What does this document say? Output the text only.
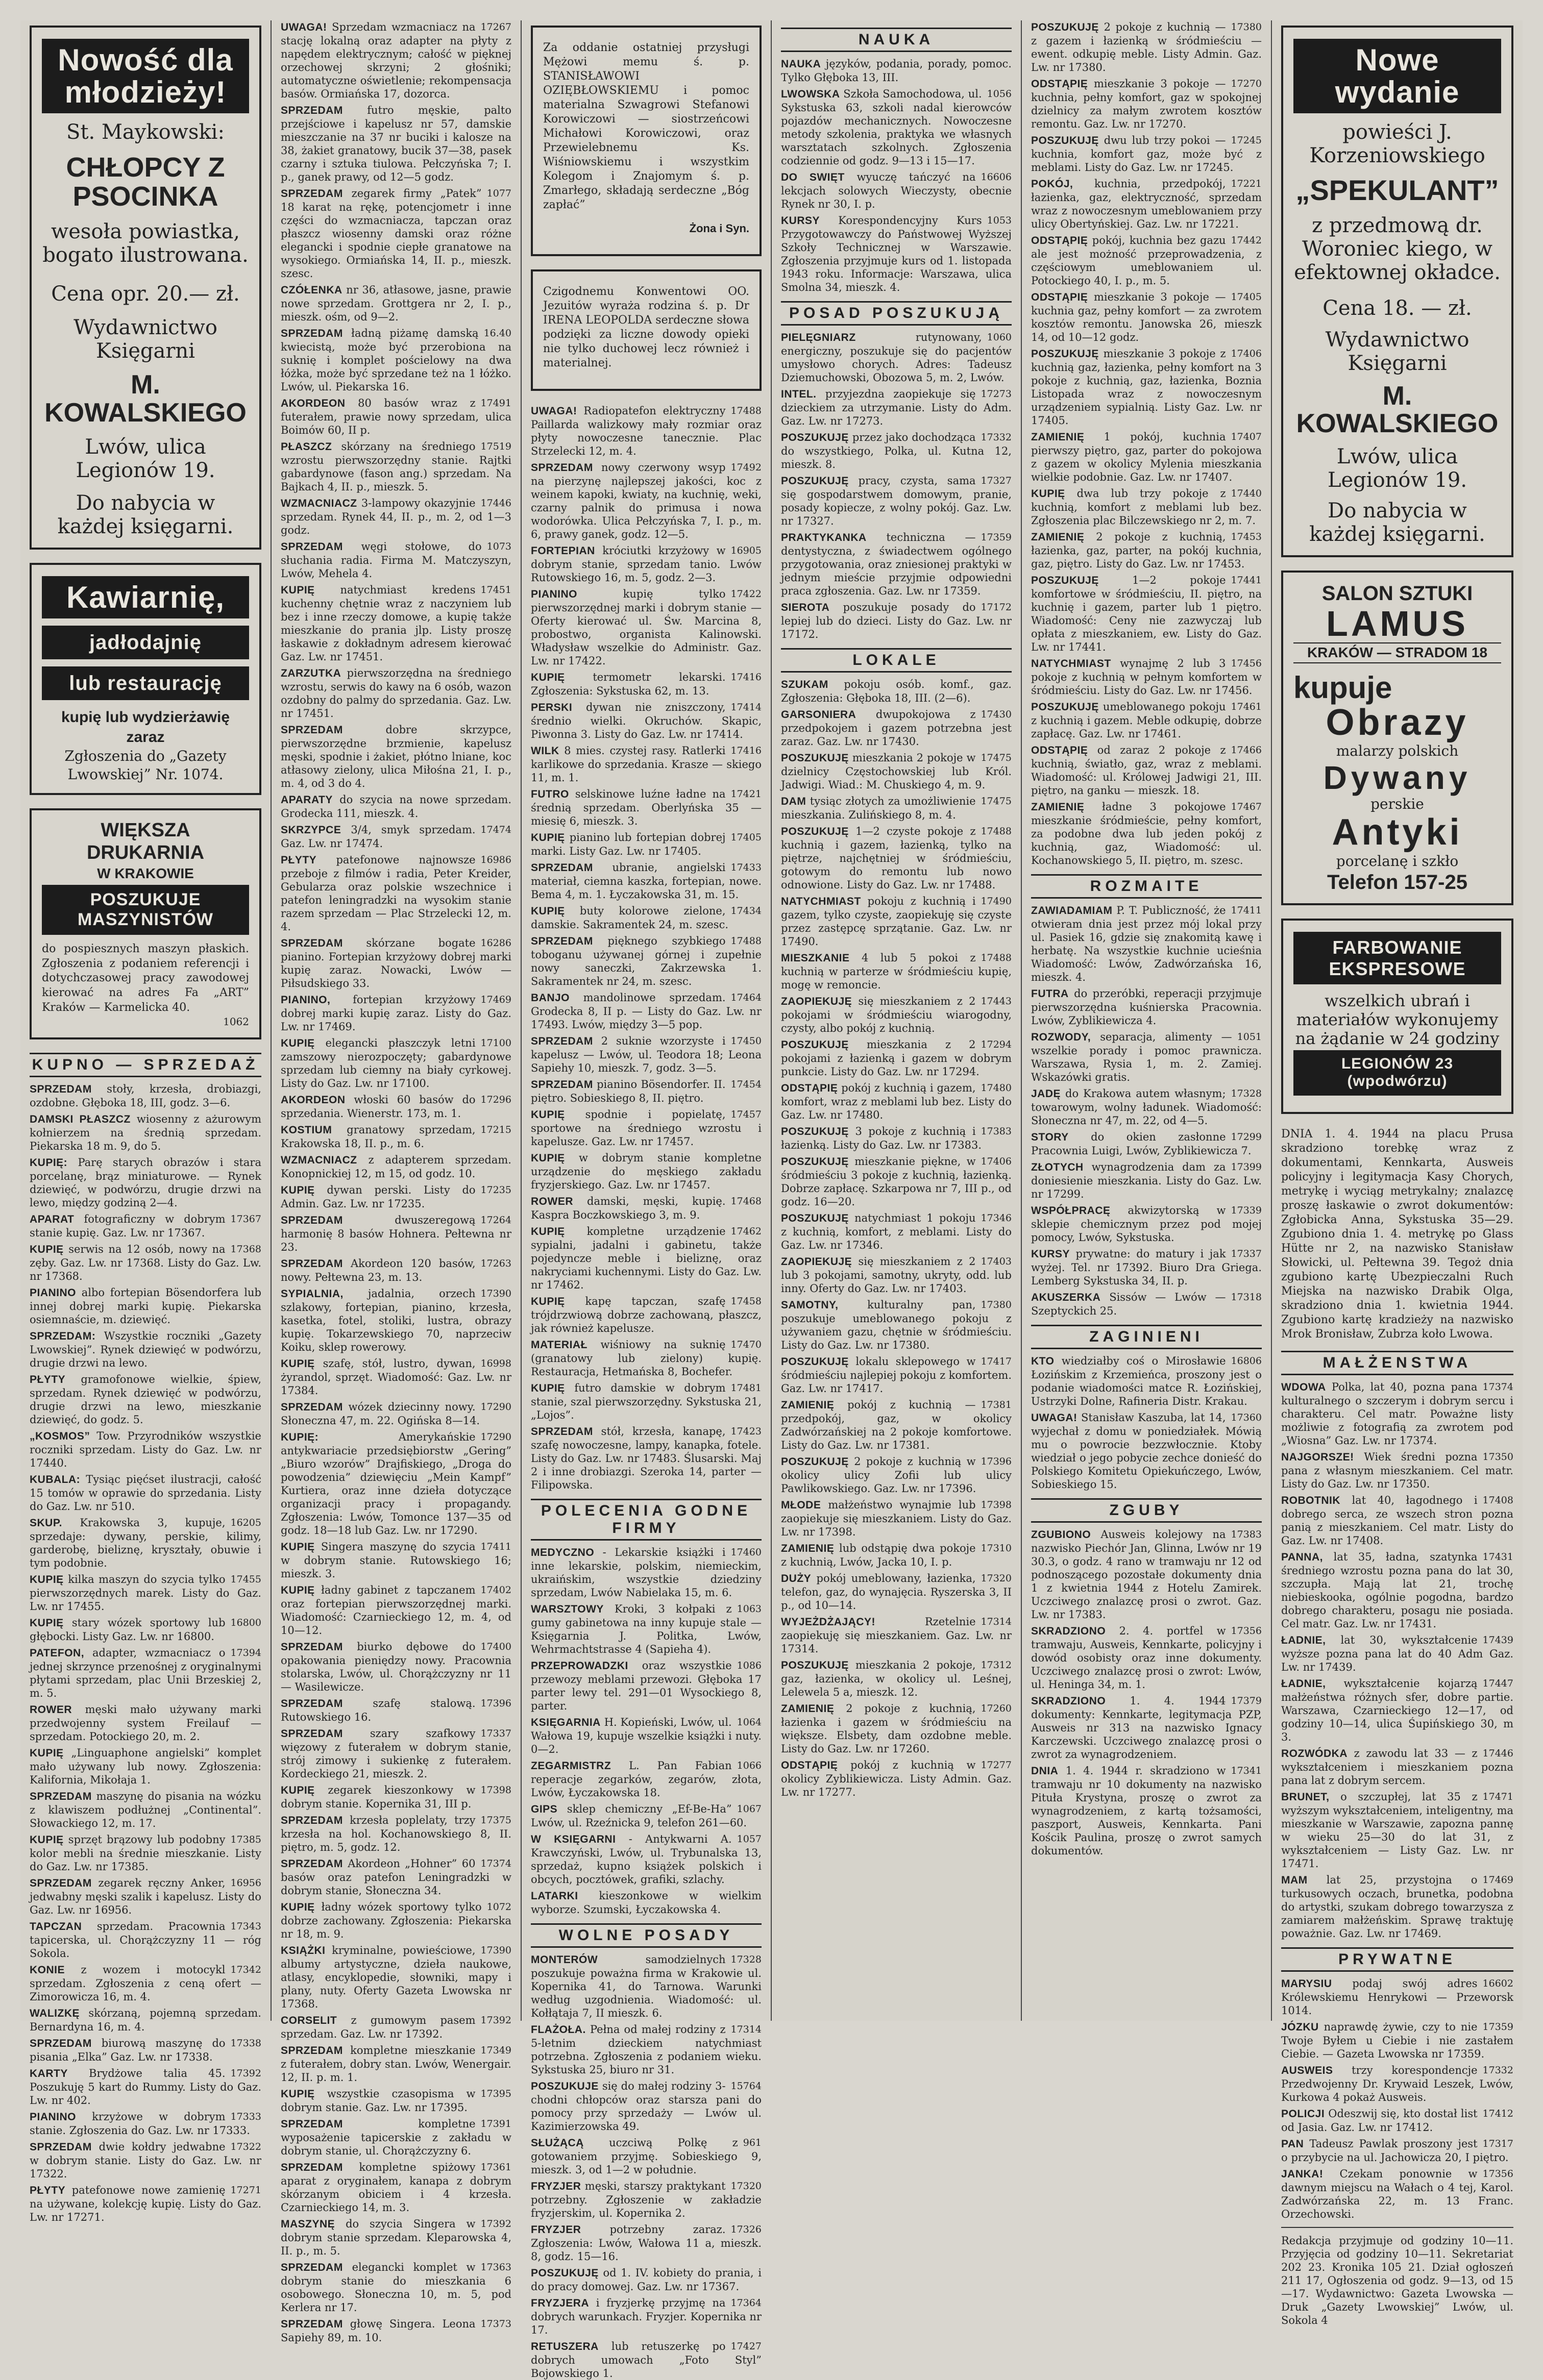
Nowość dla młodzieży!
St. Maykowski:
CHŁOPCY Z PSOCINKA
wesoła powiastka, bogato ilustrowana.
Cena opr. 20.— zł.
Wydawnictwo Księgarni
M. KOWALSKIEGO
Lwów, ulica Legionów 19.
Do nabycia w każdej księgarni.
Kawiarnię,
jadłodajnię
lub restaurację
kupię lub wydzierżawię zaraz
Zgłoszenia do „Gazety Lwowskiej” Nr. 1074.
WIĘKSZA DRUKARNIA
W KRAKOWIE
POSZUKUJE MASZYNISTÓW
do pospiesznych maszyn płaskich. Zgłoszenia z podaniem referencji i dotychczasowej pracy zawodowej kierować na adres Fa „ART” Kraków — Karmelicka 40.
1062
KUPNO — SPRZEDAŻ

SPRZEDAM stoły, krzesła, drobiazgi, ozdobne. Głęboka 18, III, godz. 3—6.

DAMSKI PŁASZCZ wiosenny z ażurowym kołnierzem na średnią sprzedam. Piekarska 18 m. 9, do 5.

KUPIĘ: Parę starych obrazów i stara porcelanę, brąz miniaturowe. — Rynek dziewięć, w podwórzu, drugie drzwi na lewo, między godziną 2—4.

17367
APARAT fotograficzny w dobrym stanie kupię. Gaz. Lw. nr 17367.

17368
KUPIĘ serwis na 12 osób, nowy na zęby. Gaz. Lw. nr 17368. Listy do Gaz. Lw. nr 17368.

PIANINO albo fortepian Bösendorfera lub innej dobrej marki kupię. Piekarska osiemnaście, m. dziewięć.

SPRZEDAM: Wszystkie roczniki „Gazety Lwowskiej”. Rynek dziewięć w podwórzu, drugie drzwi na lewo.

PŁYTY gramofonowe wielkie, śpiew, sprzedam. Rynek dziewięć w podwórzu, drugie drzwi na lewo, mieszkanie dziewięć, do godz. 5.

„KOSMOS” Tow. Przyrodników wszystkie roczniki sprzedam. Listy do Gaz. Lw. nr 17440.

KUBALA: Tysiąc pięćset ilustracji, całość 15 tomów w oprawie do sprzedania. Listy do Gaz. Lw. nr 510.

16205
SKUP. Krakowska 3, kupuje, sprzedaje: dywany, perskie, kilimy, garderobę, bieliznę, kryształy, obuwie i tym podobnie.

17455
KUPIĘ kilka maszyn do szycia tylko pierwszorzędnych marek. Listy do Gaz. Lw. nr 17455.

16800
KUPIĘ stary wózek sportowy lub głębocki. Listy Gaz. Lw. nr 16800.

17394
PATEFON, adapter, wzmacniacz o jednej skrzynce przenośnej z oryginalnymi płytami sprzedam, plac Unii Brzeskiej 2, m. 5.

ROWER męski mało używany marki przedwojenny system Freilauf — sprzedam. Potockiego 20, m. 2.

KUPIĘ „Linguaphone angielski” komplet mało używany lub nowy. Zgłoszenia: Kalifornia, Mikołaja 1.

SPRZEDAM maszynę do pisania na wózku z klawiszem podłużnej „Continental”. Słowackiego 12, m. 17.

17385
KUPIĘ sprzęt brązowy lub podobny kolor mebli na średnie mieszkanie. Listy do Gaz. Lw. nr 17385.

16956
SPRZEDAM zegarek ręczny Anker, jedwabny męski szalik i kapelusz. Listy do Gaz. Lw. nr 16956.

17343
TAPCZAN sprzedam. Pracownia tapicerska, ul. Chorążczyzny 11 — róg Sokola.

17342
KONIE z wozem i motocykl sprzedam. Zgłoszenia z ceną ofert — Zimorowicza 16, m. 4.

WALIZKĘ skórzaną, pojemną sprzedam. Bernardyna 16, m. 4.

17338
SPRZEDAM biurową maszynę do pisania „Elka” Gaz. Lw. nr 17338.

17392
KARTY Brydżowe talia 45. Poszukuję 5 kart do Rummy. Listy do Gaz. Lw. nr 402.

17333
PIANINO krzyżowe w dobrym stanie. Zgłoszenia do Gaz. Lw. nr 17333.

17322
SPRZEDAM dwie kołdry jedwabne w dobrym stanie. Listy do Gaz. Lw. nr 17322.

17271
PŁYTY patefonowe nowe zamienię na używane, kolekcję kupię. Listy do Gaz. Lw. nr 17271.

17267
UWAGA! Sprzedam wzmacniacz na stację lokalną oraz adapter na płyty z napędem elektrycznym; całość w pięknej orzechowej skrzyni; 2 głośniki; automatyczne oświetlenie; rekompensacja basów. Ormiańska 17, dozorca.

SPRZEDAM futro męskie, palto przejściowe i kapelusz nr 57, damskie mieszczanie na 37 nr buciki i kalosze na 38, żakiet granatowy, bucik 37—38, pasek czarny i sztuka tiulowa. Pełczyńska 7; I. p., ganek prawy, od 12—5 godz.

1077
SPRZEDAM zegarek firmy „Patek” 18 karat na rękę, potencjometr i inne części do wzmacniacza, tapczan oraz płaszcz wiosenny damski oraz różne elegancki i spodnie ciepłe granatowe na wysokiego. Ormiańska 14, II. p., mieszk. szesc.

CZÓŁENKA nr 36, atłasowe, jasne, prawie nowe sprzedam. Grottgera nr 2, I. p., mieszk. ośm, od 9—2.

16.40
SPRZEDAM ładną piżamę damską kwiecistą, może być przerobiona na suknię i komplet pościelowy na dwa łóżka, może być sprzedane też na 1 łóżko. Lwów, ul. Piekarska 16.

17491
AKORDEON 80 basów wraz z futerałem, prawie nowy sprzedam, ulica Boimów 60, II p.

17519
PŁASZCZ skórzany na średniego wzrostu pierwszorzędny stanie. Rajtki gabardynowe (fason ang.) sprzedam. Na Bajkach 4, II. p., mieszk. 5.

17446
WZMACNIACZ 3-lampowy okazyjnie sprzedam. Rynek 44, II. p., m. 2, od 1—3 godz.

1073
SPRZEDAM węgi stołowe, do słuchania radia. Firma M. Matczyszyn, Lwów, Mehela 4.

17451
KUPIĘ natychmiast kredens kuchenny chętnie wraz z naczyniem lub bez i inne rzeczy domowe, a kupię także mieszkanie do prania jlp. Listy proszę łaskawie z dokładnym adresem kierować Gaz. Lw. nr 17451.

ZARZUTKA pierwszorzędna na średniego wzrostu, serwis do kawy na 6 osób, wazon ozdobny do palmy do sprzedania. Gaz. Lw. nr 17451.

SPRZEDAM	dobre skrzypce, pierwszorzędne brzmienie, kapelusz męski, spodnie i żakiet, płótno lniane, koc atłasowy zielony, ulica Miłośna 21, I. p., m. 4, od 3 do 4.

APARATY do szycia na nowe sprzedam. Grodecka 111, mieszk. 4.

17474
SKRZYPCE 3/4, smyk sprzedam. Gaz. Lw. nr 17474.

16986
PŁYTY patefonowe najnowsze przeboje z filmów i radia, Peter Kreider, Gebularza oraz polskie wszechnice i patefon leningradzki na wysokim stanie razem sprzedam — Plac Strzelecki 12, m. 4.

16286
SPRZEDAM skórzane bogate pianino. Fortepian krzyżowy dobrej marki kupię zaraz. Nowacki, Lwów — Piłsudskiego 33.

17469
PIANINO, fortepian krzyżowy dobrej marki kupię zaraz. Listy do Gaz. Lw. nr 17469.

17100
KUPIĘ elegancki płaszczyk letni zamszowy nierozpoczęty; gabardynowe sprzedam lub ciemny na biały cyrkowej. Listy do Gaz. Lw. nr 17100.

17296
AKORDEON włoski 60 basów do sprzedania. Wienerstr. 173, m. 1.

17215
KOSTIUM granatowy sprzedam, Krakowska 18, II. p., m. 6.

WZMACNIACZ z adapterem sprzedam. Konopnickiej 12, m 15, od godz. 10.

17235
KUPIĘ dywan perski. Listy do Admin. Gaz. Lw. nr 17235.

17264
SPRZEDAM	dwuszeregową harmonię 8 basów Hohnera. Pełtewna nr 23.

17263
SPRZEDAM Akordeon 120 basów, nowy. Pełtewna 23, m. 13.

17390
SYPIALNIA, jadalnia, orzech szlakowy, fortepian, pianino, krzesła, kasetka, fotel, stoliki, lustra, obrazy kupię. Tokarzewskiego 70, naprzeciw Koiku, sklep rowerowy.

16998
KUPIĘ szafę, stół, lustro, dywan, żyrandol, sprzęt. Wiadomość: Gaz. Lw. nr 17384.

17290
SPRZEDAM wózek dziecinny nowy. Słoneczna 47, m. 22. Ogińska 8—14.

17290
KUPIĘ:	Amerykańskie antykwariacie przedsiębiorstw „Gering” „Biuro wzorów” Drajfiskiego, „Droga do powodzenia” dziewięciu „Mein Kampf” Kurtiera, oraz inne dzieła dotyczące organizacji pracy i propagandy. Zgłoszenia: Lwów, Tomonce 137—35 od godz. 18—18 lub Gaz. Lw. nr 17290.

17411
KUPIĘ Singera maszynę do szycia w dobrym stanie. Rutowskiego 16; mieszk. 3.

17402
KUPIĘ ładny gabinet z tapczanem oraz fortepian pierwszorzędnej marki. Wiadomość: Czarnieckiego 12, m. 4, od 10—12.

17400
SPRZEDAM biurko dębowe do opakowania pieniędzy nowy. Pracownia stolarska, Lwów, ul. Chorążczyzny nr 11 — Wasilewicze.

17396
SPRZEDAM	szafę stalową. Rutowskiego 16.

17337
SPRZEDAM	szary szafkowy więzowy z futerałem w dobrym stanie, strój zimowy i sukienkę z futerałem. Kordeckiego 21, mieszk. 2.

17398
KUPIĘ zegarek kieszonkowy w dobrym stanie. Kopernika 31, III p.

17375
SPRZEDAM krzesła poplelaty, trzy krzesła na hol. Kochanowskiego 8, II. piętro, m. 5, godz. 12.

17374
SPRZEDAM Akordeon „Hohner” 60 basów oraz patefon Leningradzki w dobrym stanie, Słoneczna 34.

1072
KUPIĘ ładny wózek sportowy tylko dobrze zachowany. Zgłoszenia: Piekarska nr 18, m. 9.

17390
KSIĄŻKI kryminalne, powieściowe, albumy artystyczne, dzieła naukowe, atlasy, encyklopedie, słowniki, mapy i plany, nuty. Oferty Gazeta Lwowska nr 17368.

17392
CORSELIT z gumowym pasem sprzedam. Gaz. Lw. nr 17392.

17349
SPRZEDAM kompletne mieszkanie z futerałem, dobry stan. Lwów, Wenergair. 12, II. p. m. 1.

17395
KUPIĘ wszystkie czasopisma w dobrym stanie. Gaz. Lw. nr 17395.

17391
SPRZEDAM	kompletne wyposażenie tapicerskie z zakładu w dobrym stanie, ul. Chorążczyzny 6.

17361
SPRZEDAM kompletne spiżowy aparat z oryginałem, kanapa z dobrym skórzanym obiciem i 4 krzesła. Czarnieckiego 14, m. 3.

17392
MASZYNĘ do szycia Singera w dobrym stanie sprzedam. Kleparowska 4, II. p., m. 5.

17363
SPRZEDAM elegancki komplet w dobrym stanie do mieszkania 6 osobowego. Słoneczna 10, m. 5, pod Kerlera nr 17.

17373
SPRZEDAM głowę Singera. Leona Sapiehy 89, m. 10.

Za oddanie ostatniej przysługi Mężowi memu ś. p. STANISŁAWOWI OZIĘBŁOWSKIEMU i pomoc materialna Szwagrowi Stefanowi Korowiczowi — siostrzeńcowi Michałowi Korowiczowi, oraz Przewielebnemu Ks. Wiśniowskiemu i wszystkim Kolegom i Znajomym ś. p. Zmarłego, składają serdeczne „Bóg zapłać”
Żona i Syn.
Czigodnemu Konwentowi OO. Jezuitów wyraża rodzina ś. p. Dr IRENA LEOPOLDA serdeczne słowa podzięki za liczne dowody opieki nie tylko duchowej lecz również i materialnej.

17488
UWAGA! Radiopatefon elektryczny Paillarda walizkowy mały rozmiar oraz płyty nowoczesne tanecznie. Plac Strzelecki 12, m. 4.

17492
SPRZEDAM nowy czerwony wsyp na pierzynę najlepszej jakości, koc z weinem kapoki, kwiaty, na kuchnię, weki, czarny palnik do primusa i nowa wodorówka. Ulica Pełczyńska 7, I. p., m. 6, prawy ganek, godz. 12—5.

16905
FORTEPIAN króciutki krzyżowy w dobrym stanie, sprzedam tanio. Lwów Rutowskiego 16, m. 5, godz. 2—3.

17422
PIANINO	kupię tylko pierwszorzędnej marki i dobrym stanie — Oferty kierować ul. Św. Marcina 8, probostwo, organista Kalinowski. Władysław wszelkie do Administr. Gaz. Lw. nr 17422.

17416
KUPIĘ	termometr lekarski. Zgłoszenia: Sykstuska 62, m. 13.

17414
PERSKI dywan nie zniszczony, średnio wielki. Okruchów. Skapic, Piwonna 3. Listy do Gaz. Lw. nr 17414.

17416
WILK 8 mies. czystej rasy. Ratlerki karlikowe do sprzedania. Krasze — skiego 11, m. 1.

17421
FUTRO selskinowe luźne ładne na średnią sprzedam. Oberlyńska 35 — miesię 6, mieszk. 3.

17405
KUPIĘ pianino lub fortepian dobrej marki. Listy Gaz. Lw. nr 17405.

17433
SPRZEDAM ubranie, angielski materiał, ciemna kaszka, fortepian, nowe. Bema 4, m. 1. Łyczakowska 31, m. 15.

17434
KUPIĘ buty kolorowe zielone, damskie. Sakramentek 24, m. szesc.

17488
SPRZEDAM pięknego szybkiego toboganu używanej górnej i zupełnie nowy saneczki, Zakrzewska 1. Sakramentek nr 24, m. szesc.

17464
BANJO mandolinowe sprzedam. Grodecka 8, II p. — Listy do Gaz. Lw. nr 17493. Lwów, między 3—5 pop.

17450
SPRZEDAM 2 suknie wzorzyste i kapelusz — Lwów, ul. Teodora 18; Leona Sapiehy 10, mieszk. 7, godz. 3—5.

17454
SPRZEDAM pianino Bösendorfer. II. piętro. Sobieskiego 8, II. piętro.

17457
KUPIĘ spodnie i popielatę, sportowe na średniego wzrostu i kapelusze. Gaz. Lw. nr 17457.

KUPIĘ w dobrym stanie kompletne urządzenie do męskiego zakładu fryzjerskiego. Gaz. Lw. nr 17457.

17468
ROWER damski, męski, kupię. Kaspra Boczkowskiego 3, m. 9.

17462
KUPIĘ kompletne urządzenie sypialni, jadalni i gabinetu, także pojedyncze meble i bieliznę, oraz nakryciami kuchennymi. Listy do Gaz. Lw. nr 17462.

17458
KUPIĘ kapę tapczan, szafę trójdrzwiową dobrze zachowaną, płaszcz, jak również kapelusze.

17470
MATERIAŁ wiśniowy na suknię (granatowy lub zielony) kupię. Restauracja, Hetmańska 8, Bochefer.

17481
KUPIĘ futro damskie w dobrym stanie, szal pierwszorzędny. Sykstuska 21, „Lojos”.

17423
SPRZEDAM stół, krzesła, kanapę, szafę nowoczesne, lampy, kanapka, fotele. Listy do Gaz. Lw. nr 17483. Ślusarski. Maj 2 i inne drobiazgi. Szeroka 14, parter — Filipowska.

POLECENIA GODNE FIRMY

17460
MEDYCZNO - Lekarskie książki i inne lekarskie, polskim, niemieckim, ukraińskim, wszystkie dziedziny sprzedam, Lwów Nabielaka 15, m. 6.

1063
WARSZTOWY Kroki, 3 kołpaki z gumy gabinetowa na inny kupuje stale — Księgarnia J. Politka, Lwów, Wehrmachtstrasse 4 (Sapieha 4).

1086
PRZEPROWADZKI oraz wszystkie przewozy meblami przewozi. Głęboka 17 parter lewy tel. 291—01 Wysockiego 8, parter.

1064
KSIĘGARNIA H. Kopieński, Lwów, ul. Wałowa 19, kupuje wszelkie książki i nuty. 0—2.

1066
ZEGARMISTRZ L. Pan Fabian reperacje zegarków, zegarów, złota, Lwów, Łyczakowska 18.

1067
GIPS sklep chemiczny „Ef-Be-Ha” Lwów, ul. Rzeźnicka 9, telefon 261—60.

1057
W KSIĘGARNI - Antykwarni A. Krawczyński, Lwów, ul. Trybunalska 13, sprzedaż, kupno książek polskich i obcych, pocztówek, grafiki, szlachy.

LATARKI kieszonkowe w wielkim wyborze. Szumski, Łyczakowska 4.

WOLNE POSADY

17328
MONTERÓW	samodzielnych poszukuje poważna firma w Krakowie ul. Kopernika 41, do Tarnowa. Warunki według uzgodnienia. Wiadomość: ul. Kołłątaja 7, II mieszk. 6.

17314
FLAŻOŁA. Pełna od małej rodziny z 5-letnim dzieckiem natychmiast potrzebna. Zgłoszenia z podaniem wieku. Sykstuska 25, biuro nr 31.

15764
POSZUKUJE się do małej rodziny 3-chodni chłopców oraz starsza pani do pomocy przy sprzedaży — Lwów ul. Kazimierzowska 49.

961
SŁUŻĄCĄ uczciwą Polkę z gotowaniem przyjmę. Sobieskiego 9, mieszk. 3, od 1—2 w południe.

17320
FRYZJER męski, starszy praktykant potrzebny. Zgłoszenie w zakładzie fryzjerskim, ul. Kopernika 2.

17326
FRYZJER	potrzebny zaraz. Zgłoszenia: Lwów, Wałowa 11 a, mieszk. 8, godz. 15—16.

POSZUKUJĘ od 1. IV. kobiety do prania, i do pracy domowej. Gaz. Lw. nr 17367.

17364
FRYZJERA i fryzjerkę przyjmę na dobrych warunkach. Fryzjer. Kopernika nr 17.

17427
RETUSZERA lub retuszerkę po dobrych umowach „Foto Styl” Bojowskiego 1.

NAUKA

NAUKA języków, podania, porady, pomoc. Tylko Głęboka 13, III.

1056
LWOWSKA Szkoła Samochodowa, ul. Sykstuska 63, szkoli nadal kierowców pojazdów mechanicznych. Nowoczesne metody szkolenia, praktyka we własnych warsztatach szkolnych. Zgłoszenia codziennie od godz. 9—13 i 15—17.

16606
DO SWIĘT wyuczę tańczyć na lekcjach solowych Wieczysty, obecnie Rynek nr 30, I. p.

1053
KURSY Korespondencyjny Kurs Przygotowawczy do Państwowej Wyższej Szkoły Technicznej w Warszawie. Zgłoszenia przyjmuje kurs od 1. listopada 1943 roku. Informacje: Warszawa, ulica Smolna 34, mieszk. 4.

POSAD POSZUKUJĄ

1060
PIELĘGNIARZ	rutynowany, energiczny, poszukuje się do pacjentów umysłowo chorych. Adres: Tadeusz Dziemuchowski, Obozowa 5, m. 2, Lwów.

17273
INTEL. przyjezdna zaopiekuje się dzieckiem za utrzymanie. Listy do Adm. Gaz. Lw. nr 17273.

17332
POSZUKUJĘ przez jako dochodząca do wszystkiego, Polka, ul. Kutna 12, mieszk. 8.

17327
POSZUKUJĘ pracy, czysta, sama się gospodarstwem domowym, pranie, posady kopiecze, z wolny pokój. Gaz. Lw. nr 17327.

17359
PRAKTYKANKA techniczna — dentystyczna, z świadectwem ogólnego przygotowania, oraz zniesionej praktyki w jednym mieście przyjmie odpowiedni praca zgłoszenia. Gaz. Lw. nr 17359.

17172
SIEROTA poszukuje posady do lepiej lub do dzieci. Listy do Gaz. Lw. nr 17172.

LOKALE

SZUKAM pokoju osób. komf., gaz. Zgłoszenia: Głęboka 18, III. (2—6).

17430
GARSONIERA dwupokojowa z przedpokojem i gazem potrzebna jest zaraz. Gaz. Lw. nr 17430.

17475
POSZUKUJĘ mieszkania 2 pokoje w dzielnicy Częstochowskiej lub Król. Jadwigi. Wiad.: M. Chuskiego 4, m. 9.

17475
DAM tysiąc złotych za umożliwienie mieszkania. Zulińskiego 8, m. 4.

17488
POSZUKUJĘ 1—2 czyste pokoje z kuchnią i gazem, łazienką, tylko na piętrze, najchętniej w śródmieściu, gotowym do remontu lub nowo odnowione. Listy do Gaz. Lw. nr 17488.

17490
NATYCHMIAST pokoju z kuchnią i gazem, tylko czyste, zaopiekuję się czyste przez zastępcę sprzątanie. Gaz. Lw. nr 17490.

17488
MIESZKANIE 4 lub 5 pokoi z kuchnią w parterze w śródmieściu kupię, mogę w remoncie.

17443
ZAOPIEKUJĘ się mieszkaniem z 2 pokojami w śródmieściu wiarogodny, czysty, albo pokój z kuchnią.

17294
POSZUKUJĘ mieszkania z 2 pokojami z łazienką i gazem w dobrym punkcie. Listy do Gaz. Lw. nr 17294.

17480
ODSTĄPIĘ pokój z kuchnią i gazem, komfort, wraz z meblami lub bez. Listy do Gaz. Lw. nr 17480.

17383
POSZUKUJĘ 3 pokoje z kuchnią i łazienką. Listy do Gaz. Lw. nr 17383.

17406
POSZUKUJĘ mieszkanie piękne, w śródmieściu 3 pokoje z kuchnią, łazienką. Dobrze zapłacę. Szkarpowa nr 7, III p., od godz. 16—20.

17346
POSZUKUJĘ natychmiast 1 pokoju z kuchnią, komfort, z meblami. Listy do Gaz. Lw. nr 17346.

17403
ZAOPIEKUJĘ się mieszkaniem z 2 lub 3 pokojami, samotny, ukryty, odd. lub inny. Oferty do Gaz. Lw. nr 17403.

17380
SAMOTNY,	kulturalny pan, poszukuje umeblowanego pokoju z używaniem gazu, chętnie w śródmieściu. Listy do Gaz. Lw. nr 17380.

17417
POSZUKUJĘ lokalu sklepowego w śródmieściu najlepiej pokoju z komfortem. Gaz. Lw. nr 17417.

17381
ZAMIENIĘ pokój z kuchnią — przedpokój, gaz, w okolicy Zadwórzańskiej na 2 pokoje komfortowe. Listy do Gaz. Lw. nr 17381.

17396
POSZUKUJĘ 2 pokoje z kuchnią w okolicy ulicy Zofii lub ulicy Pawlikowskiego. Gaz. Lw. nr 17396.

17398
MŁODE małżeństwo wynajmie lub zaopiekuje się mieszkaniem. Listy do Gaz. Lw. nr 17398.

17310
ZAMIENIĘ lub odstąpię dwa pokoje z kuchnią, Lwów, Jacka 10, I. p.

17320
DUŻY pokój umeblowany, łazienka, telefon, gaz, do wynajęcia. Ryszerska 3, II p., od 10—14.

17314
WYJEŻDŻAJĄCY!	Rzetelnie zaopiekuję się mieszkaniem. Gaz. Lw. nr 17314.

17312
POSZUKUJĘ mieszkania 2 pokoje, gaz, łazienka, w okolicy ul. Leśnej, Lelewela 5 a, mieszk. 12.

17260
ZAMIENIĘ 2 pokoje z kuchnią, łazienka i gazem w śródmieściu na większe. Elsbety, dam ozdobne meble. Listy do Gaz. Lw. nr 17260.

17277
ODSTĄPIĘ pokój z kuchnią w okolicy Zyblikiewicza. Listy Admin. Gaz. Lw. nr 17277.

17380
POSZUKUJĘ 2 pokoje z kuchnią — z gazem i łazienką w śródmieściu — ewent. odkupię meble. Listy Admin. Gaz. Lw. nr 17380.

17270
ODSTĄPIĘ mieszkanie 3 pokoje — kuchnia, pełny komfort, gaz w spokojnej dzielnicy za małym zwrotem kosztów remontu. Gaz. Lw. nr 17270.

17245
POSZUKUJĘ dwu lub trzy pokoi — kuchnia, komfort gaz, może być z meblami. Listy do Gaz. Lw. nr 17245.

17221
POKÓJ, kuchnia, przedpokój, łazienka, gaz, elektryczność, sprzedam wraz z nowoczesnym umeblowaniem przy ulicy Obertyńskiej. Gaz. Lw. nr 17221.

17442
ODSTĄPIĘ pokój, kuchnia bez gazu ale jest możność przeprowadzenia, z częściowym umeblowaniem ul. Potockiego 40, I. p., m. 5.

17405
ODSTĄPIĘ mieszkanie 3 pokoje — kuchnia gaz, pełny komfort — za zwrotem kosztów remontu. Janowska 26, mieszk 14, od 10—12 godz.

17406
POSZUKUJĘ mieszkanie 3 pokoje z kuchnią gaz, łazienka, pełny komfort na 3 pokoje z kuchnią, gaz, łazienka, Boznia Listopada wraz z nowoczesnym urządzeniem sypialnią. Listy Gaz. Lw. nr 17405.

17407
ZAMIENIĘ 1 pokój, kuchnia pierwszy piętro, gaz, parter do pokojowa z gazem w okolicy Mylenia mieszkania wielkie podobnie. Gaz. Lw. nr 17407.

17440
KUPIĘ dwa lub trzy pokoje z kuchnią, komfort z meblami lub bez. Zgłoszenia plac Bilczewskiego nr 2, m. 7.

17453
ZAMIENIĘ 2 pokoje z kuchnią, łazienka, gaz, parter, na pokój kuchnia, gaz, piętro. Listy do Gaz. Lw. nr 17453.

17441
POSZUKUJĘ	1—2 pokoje komfortowe w śródmieściu, II. piętro, na kuchnię i gazem, parter lub 1 piętro. Wiadomość: Ceny nie zazwyczaj lub opłata z mieszkaniem, ew. Listy do Gaz. Lw. nr 17441.

17456
NATYCHMIAST wynajmę 2 lub 3 pokoje z kuchnią w pełnym komfortem w śródmieściu. Listy do Gaz. Lw. nr 17456.

17461
POSZUKUJĘ umeblowanego pokoju z kuchnią i gazem. Meble odkupię, dobrze zapłacę. Gaz. Lw. nr 17461.

17466
ODSTĄPIĘ od zaraz 2 pokoje z kuchnią, światło, gaz, wraz z meblami. Wiadomość: ul. Królowej Jadwigi 21, III. piętro, na ganku — mieszk. 18.

17467
ZAMIENIĘ ładne 3 pokojowe mieszkanie śródmieście, pełny komfort, za podobne dwa lub jeden pokój z kuchnią, gaz, Wiadomość: ul. Kochanowskiego 5, II. piętro, m. szesc.

ROZMAITE

17411
ZAWIADAMIAM P. T. Publiczność, że otwieram dnia jest przez mój lokal przy ul. Pasiek 16, gdzie się znakomitą kawę i herbatę. Na wszystkie kuchnie ucieśnia Wiadomość: Lwów, Zadwórzańska 16, mieszk. 4.

FUTRA do przeróbki, reperacji przyjmuje pierwszorzędna kuśnierska Pracownia. Lwów, Zyblikiewicza 4.

1051
ROZWODY, separacja, alimenty — wszelkie porady i pomoc prawnicza. Warszawa, Rysia 1, m. 2. Zamiej. Wskazówki gratis.

17328
JADĘ do Krakowa autem własnym; towarowym, wolny ładunek. Wiadomość: Słoneczna nr 47, m. 22, od 4—5.

17299
STORY do okien zasłonne Pracownia Luigi, Lwów, Zyblikiewicza 7.

17399
ZŁOTYCH wynagrodzenia dam za doniesienie mieszkania. Listy do Gaz. Lw. nr 17299.

17339
WSPÓŁPRACĘ akwizytorską w sklepie chemicznym przez pod mojej pomocy, Lwów, Sykstuska.

17337
KURSY prywatne: do matury i jak wyżej. Tel. nr 17392. Biuro Dra Griega. Lemberg Sykstuska 34, II. p.

17318
AKUSZERKA Sissów — Lwów — Szeptyckich 25.

ZAGINIENI

16806
KTO wiedziałby coś o Mirosławie Łozińskim z Krzemieńca, proszony jest o podanie wiadomości matce R. Łozińskiej, Ustrzyki Dolne, Rafineria Distr. Krakau.

17360
UWAGA! Stanisław Kaszuba, lat 14, wyjechał z domu w poniedziałek. Mówią mu o powrocie bezzwłocznie. Ktoby wiedział o jego pobycie zechce donieść do Polskiego Komitetu Opiekuńczego, Lwów, Sobieskiego 15.

ZGUBY

17383
ZGUBIONO Ausweis kolejowy na nazwisko Piechór Jan, Glinna, Lwów nr 19 30.3, o godz. 4 rano w tramwaju nr 12 od podnoszącego pozostałe dokumenty dnia 1 z kwietnia 1944 z Hotelu Zamirek. Uczciwego znalazcę prosi o zwrot. Gaz. Lw. nr 17383.

17356
SKRADZIONO 2. 4. portfel w tramwaju, Ausweis, Kennkarte, policyjny i dowód osobisty oraz inne dokumenty. Uczciwego znalazcę prosi o zwrot: Lwów, ul. Heninga 34, m. 1.

17379
SKRADZIONO 1. 4. 1944 dokumenty: Kennkarte, legitymacja PZP, Ausweis nr 313 na nazwisko Ignacy Karczewski. Uczciwego znalazcę prosi o zwrot za wynagrodzeniem.

17341
DNIA 1. 4. 1944 r. skradziono w tramwaju nr 10 dokumenty na nazwisko Pituła Krystyna, proszę o zwrot za wynagrodzeniem, z kartą tożsamości, paszport, Ausweis, Kennkarta. Pani Kościk Paulina, proszę o zwrot samych dokumentów.

Nowe wydanie
powieści J. Korzeniowskiego
„SPEKULANT”
z przedmową dr. Woroniec kiego, w efektownej okładce.
Cena 18. — zł.
Wydawnictwo Księgarni
M. KOWALSKIEGO
Lwów, ulica Legionów 19.
Do nabycia w każdej księgarni.
SALON SZTUKI
LAMUS
KRAKÓW — STRADOM 18
kupuje
Obrazy
malarzy polskich
Dywany
perskie
Antyki
porcelanę i szkło
Telefon 157-25
FARBOWANIE EKSPRESOWE
wszelkich ubrań i materiałów wykonujemy na żądanie w 24 godziny
LEGIONÓW 23 (wpodwórzu)
DNIA 1. 4. 1944 na placu Prusa skradziono torebkę wraz z dokumentami, Kennkarta, Ausweis policyjny i legitymacja Kasy Chorych, metrykę i wyciąg metrykalny; znalazcę proszę łaskawie o zwrot dokumentów: Zgłobicka Anna, Sykstuska 35—29. Zgubiono dnia 1. 4. metrykę po Glass Hütte nr 2, na nazwisko Stanisław Słowicki, ul. Pełtewna 39. Tegoż dnia zgubiono kartę Ubezpieczalni Ruch Miejska na nazwisko Drabik Olga, skradziono dnia 1. kwietnia 1944. Zgubiono kartę kradzieży na nazwisko Mrok Bronisław, Zubrza koło Lwowa.
MAŁŻENSTWA

17374
WDOWA Polka, lat 40, pozna pana kulturalnego o szczerym i dobrym sercu i charakteru. Cel matr. Poważne listy możliwie z fotografią za zwrotem pod „Wiosna” Gaz. Lw. nr 17374.

17350
NAJGORSZE! Wiek średni pozna pana z własnym mieszkaniem. Cel matr. Listy do Gaz. Lw. nr 17350.

17408
ROBOTNIK lat 40, łagodnego i dobrego serca, ze wszech stron pozna panią z mieszkaniem. Cel matr. Listy do Gaz. Lw. nr 17408.

17431
PANNA, lat 35, ładna, szatynka średniego wzrostu pozna pana do lat 30, szczupła. Mają lat 21, trochę niebieskooka, ogólnie pogodna, bardzo dobrego charakteru, posagu nie posiada. Cel matr. Gaz. Lw. nr 17431.

17439
ŁADNIE, lat 30, wykształcenie wyższe pozna pana lat do 40 Adm Gaz. Lw. nr 17439.

17447
ŁADNIE, wykształcenie kojarzą małżeństwa różnych sfer, dobre partie. Warszawa, Czarnieckiego 12—17, od godziny 10—14, ulica Śupińskiego 30, m 3.

17446
ROZWÓDKA z zawodu lat 33 — z wykształceniem i mieszkaniem pozna pana lat z dobrym sercem.

17471
BRUNET, o szczupłej, lat 35 z wyższym wykształceniem, inteligentny, ma mieszkanie w Warszawie, zapozna pannę w wieku 25—30 do lat 31, z wykształceniem — Listy Gaz. Lw. nr 17471.

17469
MAM lat 25, przystojna o turkusowych oczach, brunetka, podobna do artystki, szukam dobrego towarzysza z zamiarem małżeńskim. Sprawę traktuję poważnie. Gaz. Lw. nr 17469.

PRYWATNE

16602
MARYSIU podaj swój adres Królewskiemu Henrykowi — Przeworsk 1014.

17359
JÓZKU naprawdę żywie, czy to nie Twoje Byłem u Ciebie i nie zastałem Ciebie. — Gazeta Lwowska nr 17359.

17332
AUSWEIS trzy korespondencje Przedwojenny Dr. Krywaid Leszek, Lwów, Kurkowa 4 pokaż Ausweis.

17412
POLICJI Odeszwij się, kto dostał list od Jasia. Gaz. Lw. nr 17412.

17317
PAN Tadeusz Pawlak proszony jest o przybycie na ul. Jachowicza 20, I piętro.

17356
JANKA! Czekam ponownie w dawnym miejscu na Wałach o 4 tej, Karol. Zadwórzańska 22, m. 13 Franc. Orzechowski.

Redakcja przyjmuje od godziny 10—11. Przyjęcia od godziny 10—11. Sekretariat 202 23. Kronika 105 21. Dział ogłoszeń 211 17, Ogłoszenia od godz. 9—13, od 15—17. Wydawnictwo: Gazeta Lwowska — Druk „Gazety Lwowskiej” Lwów, ul. Sokola 4
